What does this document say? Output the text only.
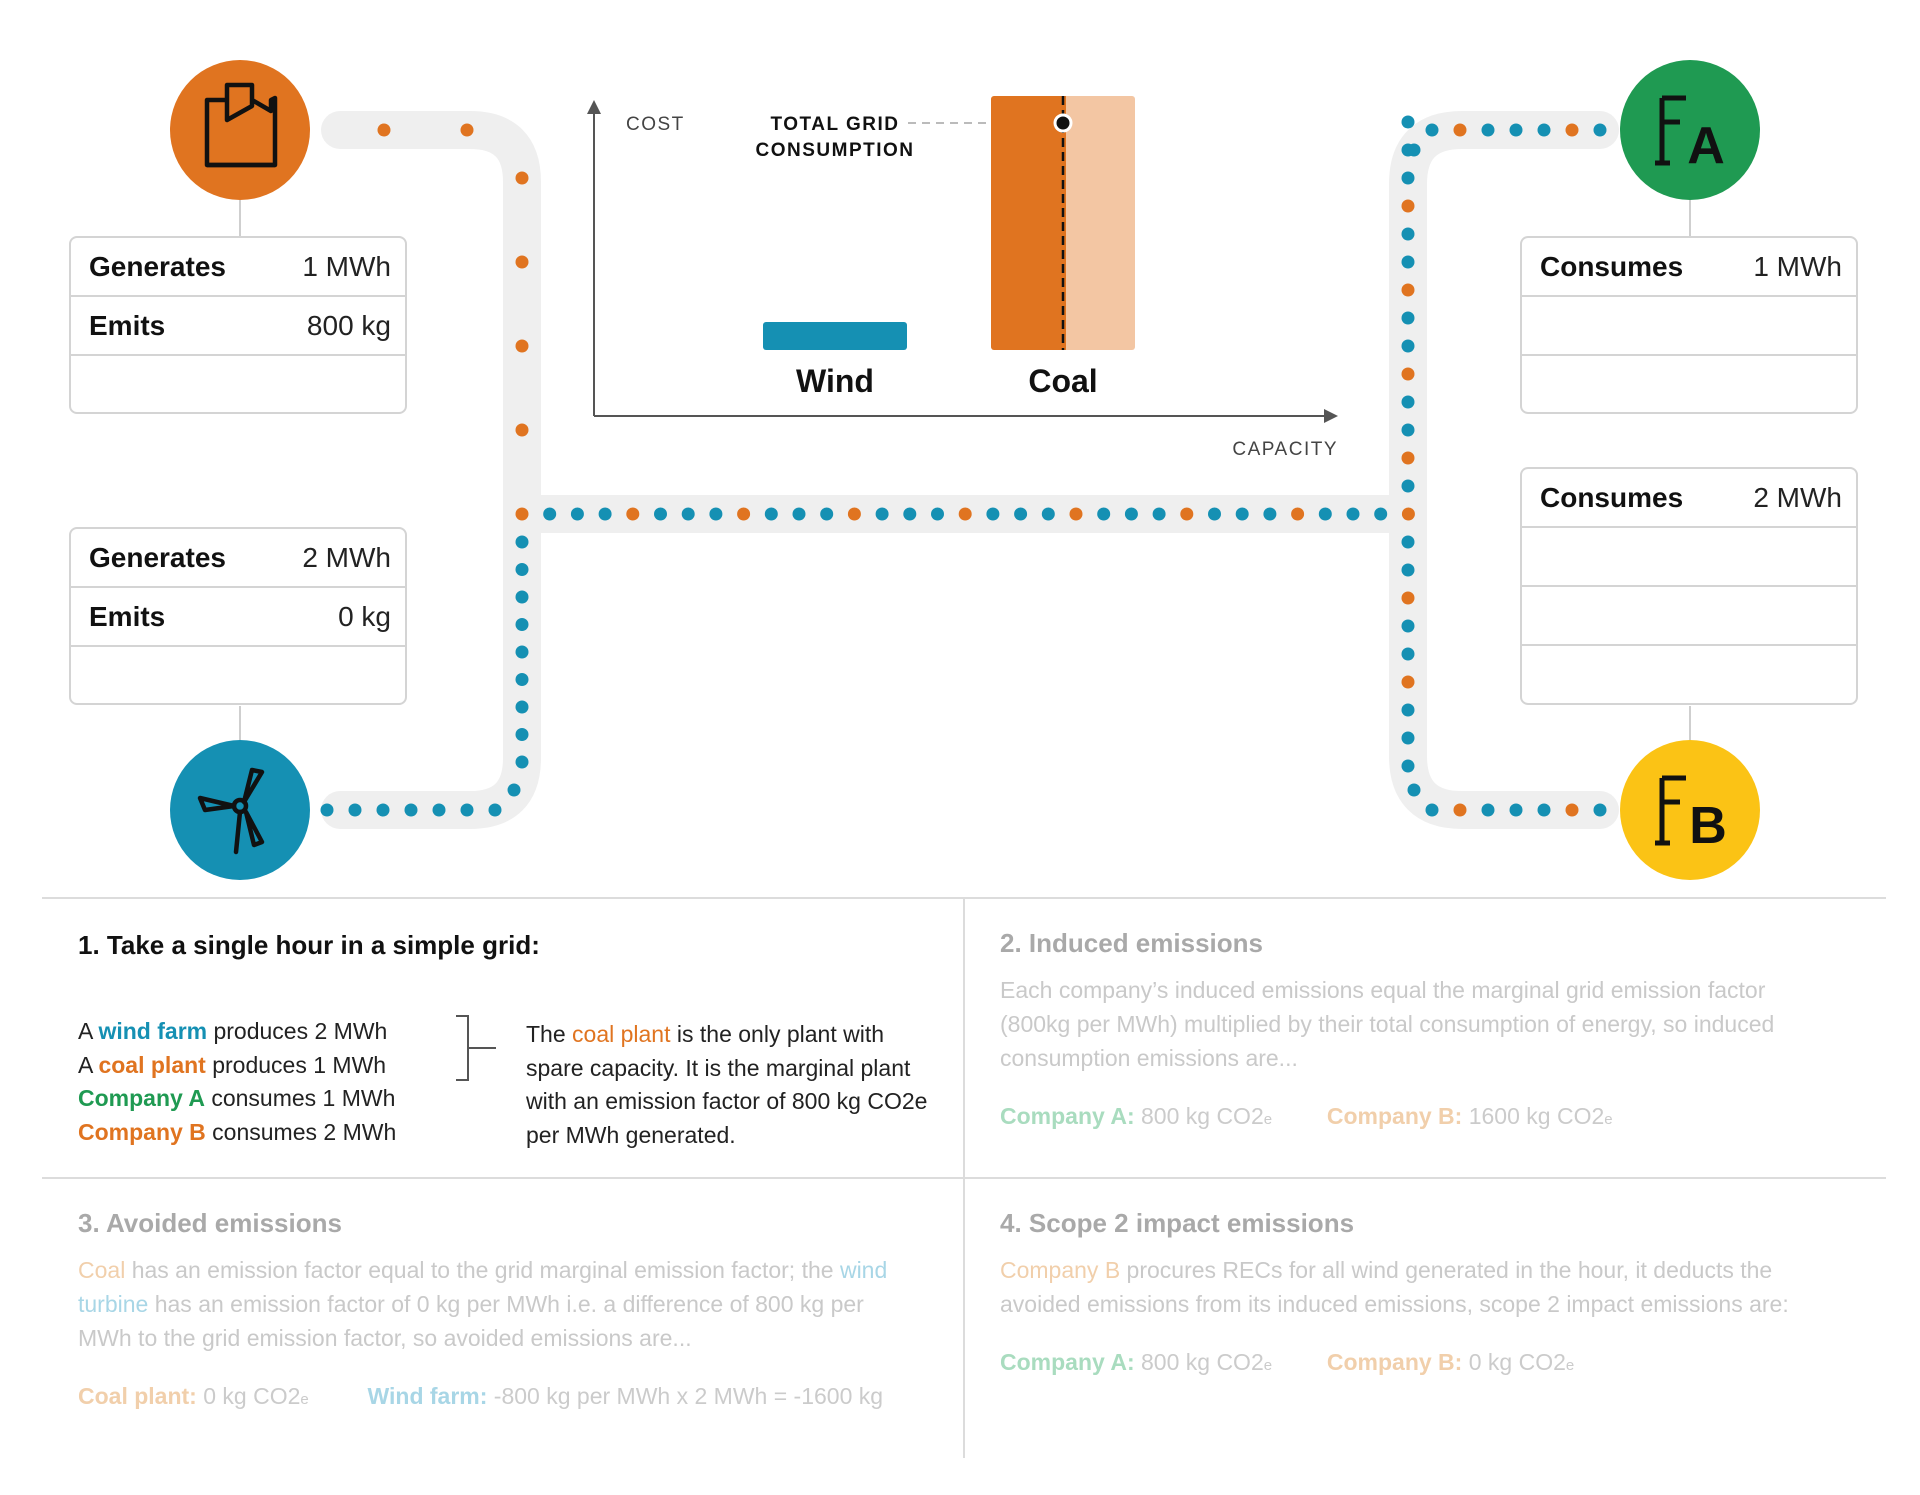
COST
CAPACITY
TOTAL GRID
CONSUMPTION
Wind	Coal
A
B
Generates	1 MWh
Emits	800 kg
Generates	2 MWh
Emits	0 kg
Consumes	1 MWh
Consumes	2 MWh
1. Take a single hour in a simple grid:
A wind farm produces 2 MWh
A coal plant produces 1 MWh
Company A consumes 1 MWh
Company B consumes 2 MWh
The coal plant is the only plant with spare capacity. It is the marginal plant with an emission factor of 800 kg CO2e per MWh generated.
2. Induced emissions
Each company’s induced emissions equal the marginal grid emission factor (800kg per MWh) multiplied by their total consumption of energy, so induced consumption emissions are...
Company A: 800 kg CO2e Company B: 1600 kg CO2e
3. Avoided emissions
Coal has an emission factor equal to the grid marginal emission factor; the wind turbine has an emission factor of 0 kg per MWh i.e. a difference of 800 kg per MWh to the grid emission factor, so avoided emissions are...
Coal plant: 0 kg CO2e	Wind farm: -800 kg per MWh x 2 MWh = -1600 kg
4. Scope 2 impact emissions
Company B procures RECs for all wind generated in the hour, it deducts the avoided emissions from its induced emissions, scope 2 impact emissions are:
Company A: 800 kg CO2e Company B: 0 kg CO2e
